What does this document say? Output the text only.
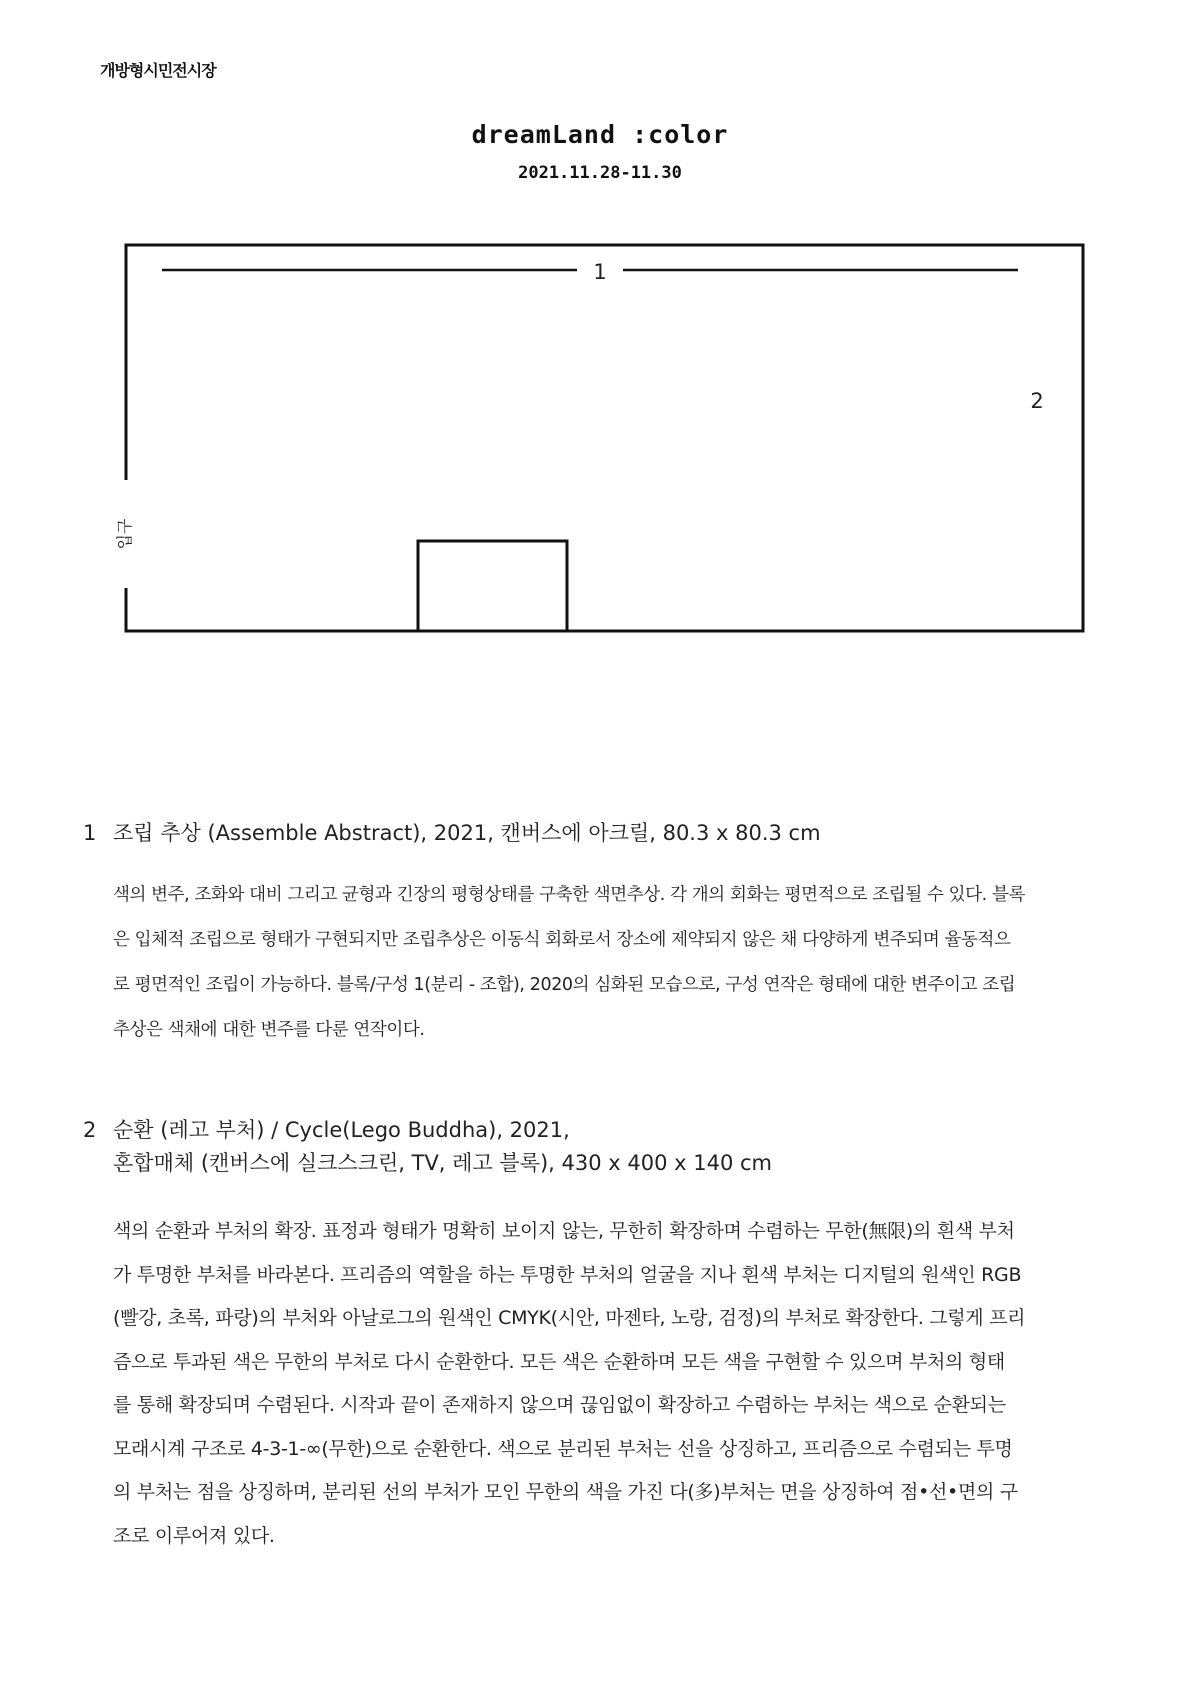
개방형시민전시장
dreamLand :color
2021.11.28-11.30
1
2
입구
1 조립 추상 (Assemble Abstract), 2021, 캔버스에 아크릴, 80.3 x 80.3 cm

색의 변주, 조화와 대비 그리고 균형과 긴장의 평형상태를 구축한 색면추상. 각 개의 회화는 평면적으로 조립될 수 있다. 블록

은 입체적 조립으로 형태가 구현되지만 조립추상은 이동식 회화로서 장소에 제약되지 않은 채 다양하게 변주되며 율동적으

로 평면적인 조립이 가능하다. 블록/구성 1(분리 - 조합), 2020의 심화된 모습으로, 구성 연작은 형태에 대한 변주이고 조립

추상은 색채에 대한 변주를 다룬 연작이다.

2 순환 (레고 부처) / Cycle(Lego Buddha), 2021,
혼합매체 (캔버스에 실크스크린, TV, 레고 블록), 430 x 400 x 140 cm

색의 순환과 부처의 확장. 표정과 형태가 명확히 보이지 않는, 무한히 확장하며 수렴하는 무한(無限)의 흰색 부처

가 투명한 부처를 바라본다. 프리즘의 역할을 하는 투명한 부처의 얼굴을 지나 흰색 부처는 디지털의 원색인 RGB

(빨강, 초록, 파랑)의 부처와 아날로그의 원색인 CMYK(시안, 마젠타, 노랑, 검정)의 부처로 확장한다. 그렇게 프리

즘으로 투과된 색은 무한의 부처로 다시 순환한다. 모든 색은 순환하며 모든 색을 구현할 수 있으며 부처의 형태

를 통해 확장되며 수렴된다. 시작과 끝이 존재하지 않으며 끊임없이 확장하고 수렴하는 부처는 색으로 순환되는

모래시계 구조로 4-3-1-∞(무한)으로 순환한다. 색으로 분리된 부처는 선을 상징하고, 프리즘으로 수렴되는 투명

의 부처는 점을 상징하며, 분리된 선의 부처가 모인 무한의 색을 가진 다(多)부처는 면을 상징하여 점•선•면의 구

조로 이루어져 있다.
